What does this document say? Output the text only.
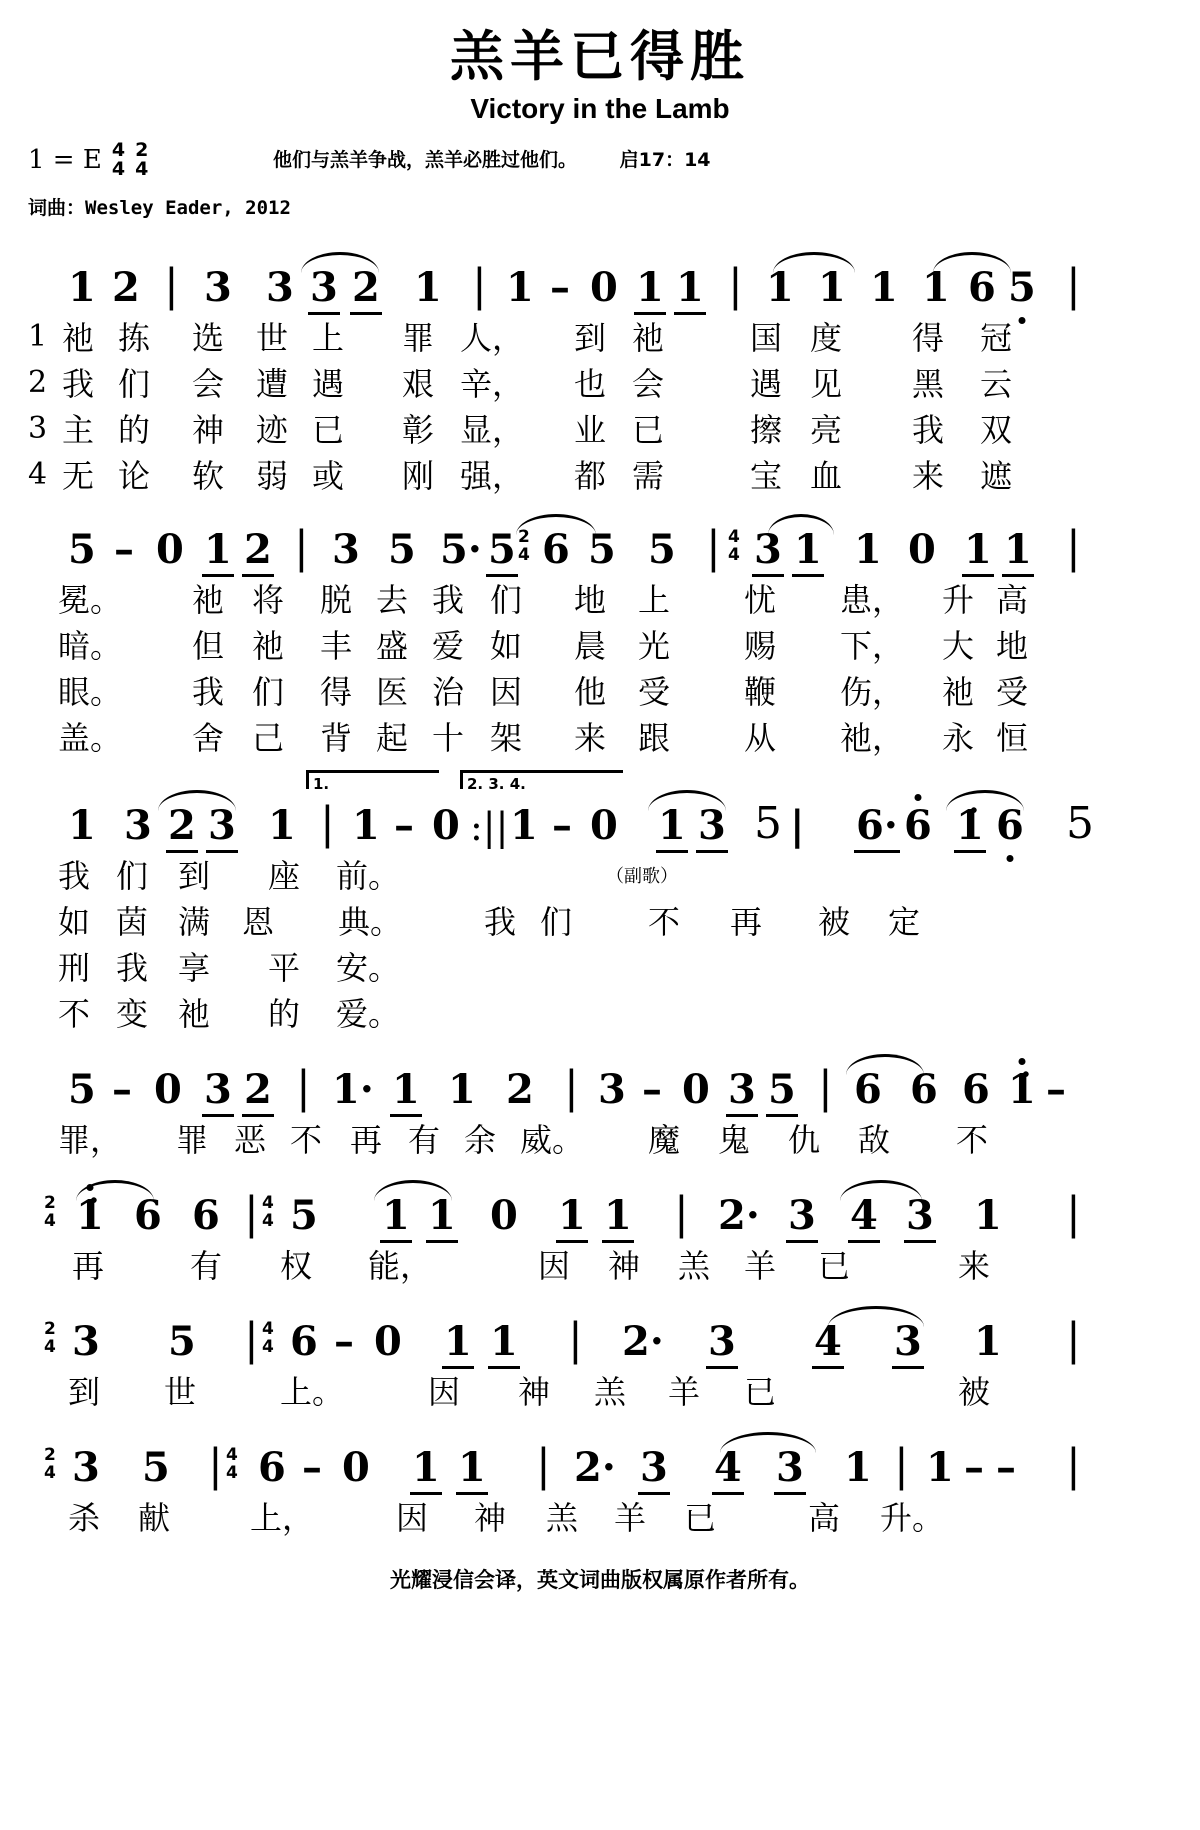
羔羊已得胜
Victory in the Lamb
1 = E 4
4
2
4	他们与羔羊争战，羔羊必胜过他们。 启17：14
词曲：Wesley Eader, 2012
1 2 | 3 3 3 2 1 | 1 – 0 1 1 | 1 1 1 1 6 5 |
1 祂 拣 选 世 上 罪 人， 到 祂	国 度 得 冠
2 我 们 会 遭 遇 艰 辛， 也 会	遇 见 黑 云
3 主 的 神 迹 已 彰 显， 业 已	擦 亮 我 双
4 无 论 软 弱 或 刚 强， 都 需	宝 血 来 遮
5 – 0 1 2 | 3 5 5· 5 2
4 6 5 5 | 4
4 3 1 1 0 1 1 |
冕。 祂 将 脱 去 我 们 地 上 忧 患， 升 高
暗。 但 祂 丰 盛 爱 如 晨 光 赐 下， 大 地
眼。 我 们 得 医 治 因 他 受 鞭 伤， 祂 受
盖。 舍 己 背 起 十 架 来 跟 从 祂， 永 恒
1.	2. 3. 4.
1 3 2 3 1 | 1 – 0 :|| 1 – 0 1 3 5 | 6· 6 1̇ 6 5
我 们 到 座 前。	（副歌）
如 茵 满 恩 典。	我 们 不 再 被 定
刑 我 享 平 安。
不 变 祂 的 爱。
5 – 0 3 2 | 1· 1 1 2 | 3 – 0 3 5 | 6 6 6 1̇ –
罪， 罪 恶 不 再 有 余 威。 魔 鬼 仇 敌 不
2
4 1̇ 6 6 | 4
4 5 1 1 0 1 1 | 2· 3 4 3 1 |
再	有 权 能，	因 神 羔 羊 已	来
2
4 3 5 | 4
4 6 – 0 1 1 | 2· 3 4 3 1 |
到 世	上。	因 神 羔 羊 已	被
2
4 3 5 | 4
4 6 – 0 1 1 | 2· 3 4 3 1 | 1 – – |
杀 献 上，	因 神 羔 羊 已	高 升。
光耀浸信会译，英文词曲版权属原作者所有。
